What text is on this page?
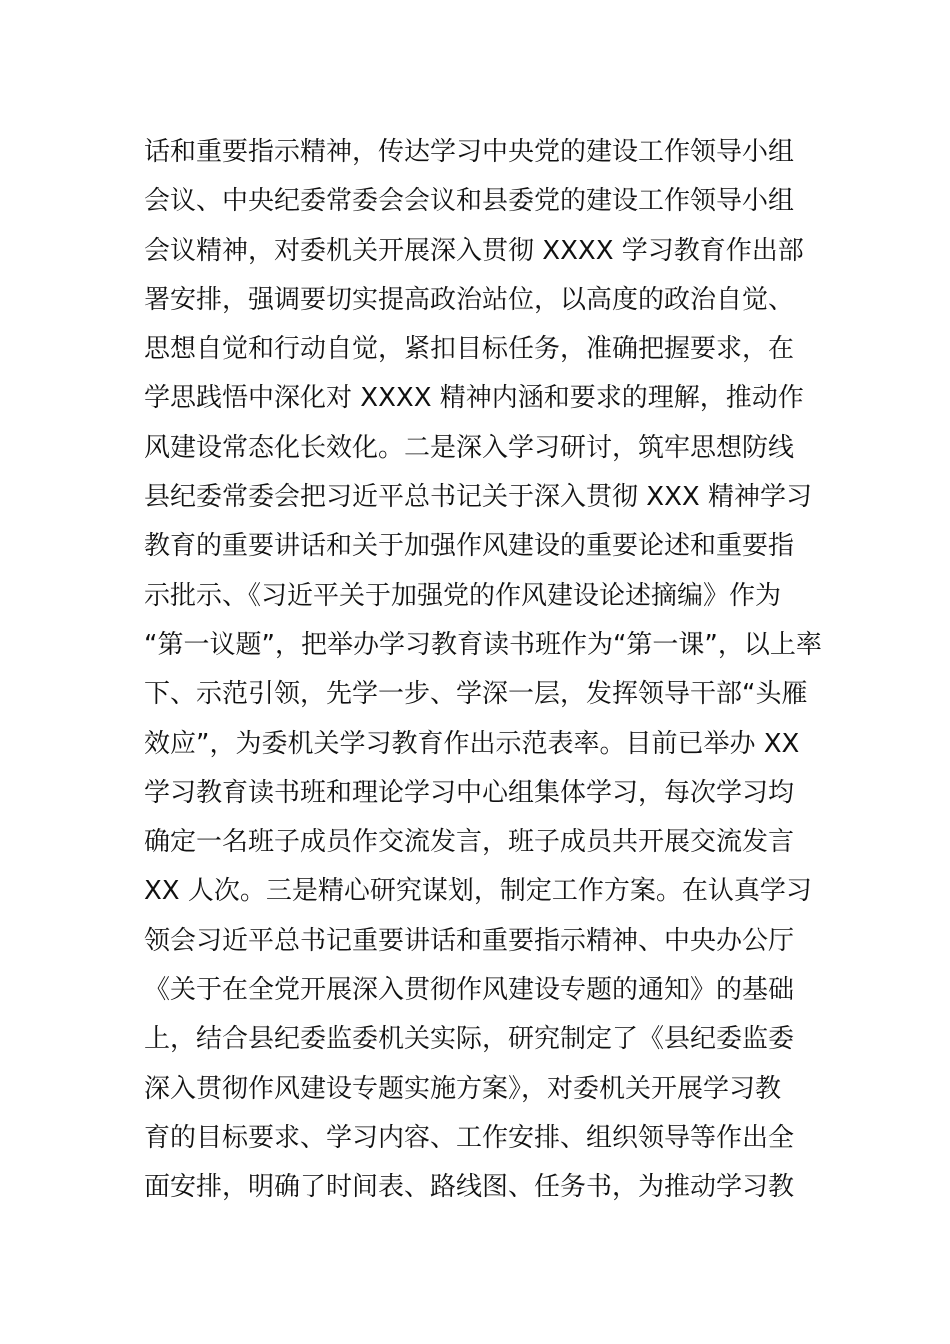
话和重要指示精神，传达学习中央党的建设工作领导小组
会议、中央纪委常委会会议和县委党的建设工作领导小组
会议精神，对委机关开展深入贯彻 XXXX 学习教育作出部
署安排，强调要切实提高政治站位，以高度的政治自觉、
思想自觉和行动自觉，紧扣目标任务，准确把握要求，在
学思践悟中深化对 XXXX 精神内涵和要求的理解，推动作
风建设常态化长效化。二是深入学习研讨，筑牢思想防线
县纪委常委会把习近平总书记关于深入贯彻 XXX 精神学习
教育的重要讲话和关于加强作风建设的重要论述和重要指
示批示、《习近平关于加强党的作风建设论述摘编》作为
“第一议题”，把举办学习教育读书班作为“第一课”，以上率
下、示范引领，先学一步、学深一层，发挥领导干部“头雁
效应”，为委机关学习教育作出示范表率。目前已举办 XX
学习教育读书班和理论学习中心组集体学习，每次学习均
确定一名班子成员作交流发言，班子成员共开展交流发言
XX 人次。三是精心研究谋划，制定工作方案。在认真学习
领会习近平总书记重要讲话和重要指示精神、中央办公厅
《关于在全党开展深入贯彻作风建设专题的通知》的基础
上，结合县纪委监委机关实际，研究制定了《县纪委监委
深入贯彻作风建设专题实施方案》，对委机关开展学习教
育的目标要求、学习内容、工作安排、组织领导等作出全
面安排，明确了时间表、路线图、任务书，为推动学习教
